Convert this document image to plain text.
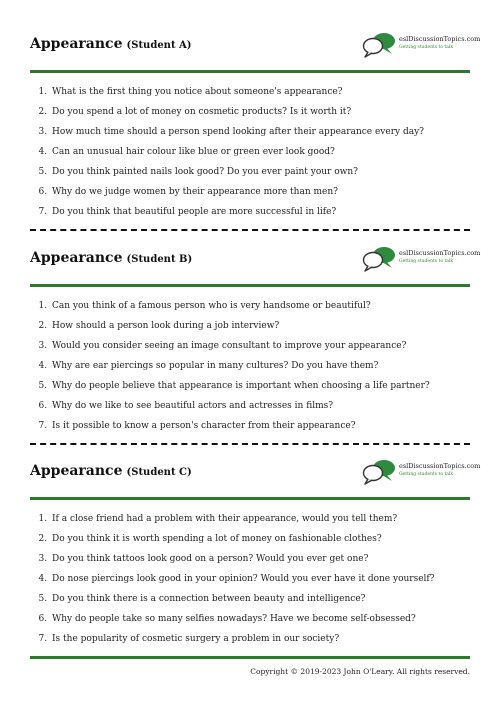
Appearance (Student A)
eslDiscussionTopics.com
Getting students to talk
1. What is the first thing you notice about someone's appearance?
2. Do you spend a lot of money on cosmetic products? Is it worth it?
3. How much time should a person spend looking after their appearance every day?
4. Can an unusual hair colour like blue or green ever look good?
5. Do you think painted nails look good? Do you ever paint your own?
6. Why do we judge women by their appearance more than men?
7. Do you think that beautiful people are more successful in life?
Appearance (Student B)
eslDiscussionTopics.com
Getting students to talk
1. Can you think of a famous person who is very handsome or beautiful?
2. How should a person look during a job interview?
3. Would you consider seeing an image consultant to improve your appearance?
4. Why are ear piercings so popular in many cultures? Do you have them?
5. Why do people believe that appearance is important when choosing a life partner?
6. Why do we like to see beautiful actors and actresses in films?
7. Is it possible to know a person's character from their appearance?
Appearance (Student C)
eslDiscussionTopics.com
Getting students to talk
1. If a close friend had a problem with their appearance, would you tell them?
2. Do you think it is worth spending a lot of money on fashionable clothes?
3. Do you think tattoos look good on a person? Would you ever get one?
4. Do nose piercings look good in your opinion? Would you ever have it done yourself?
5. Do you think there is a connection between beauty and intelligence?
6. Why do people take so many selfies nowadays? Have we become self-obsessed?
7. Is the popularity of cosmetic surgery a problem in our society?
Copyright © 2019-2023 John O'Leary. All rights reserved.
